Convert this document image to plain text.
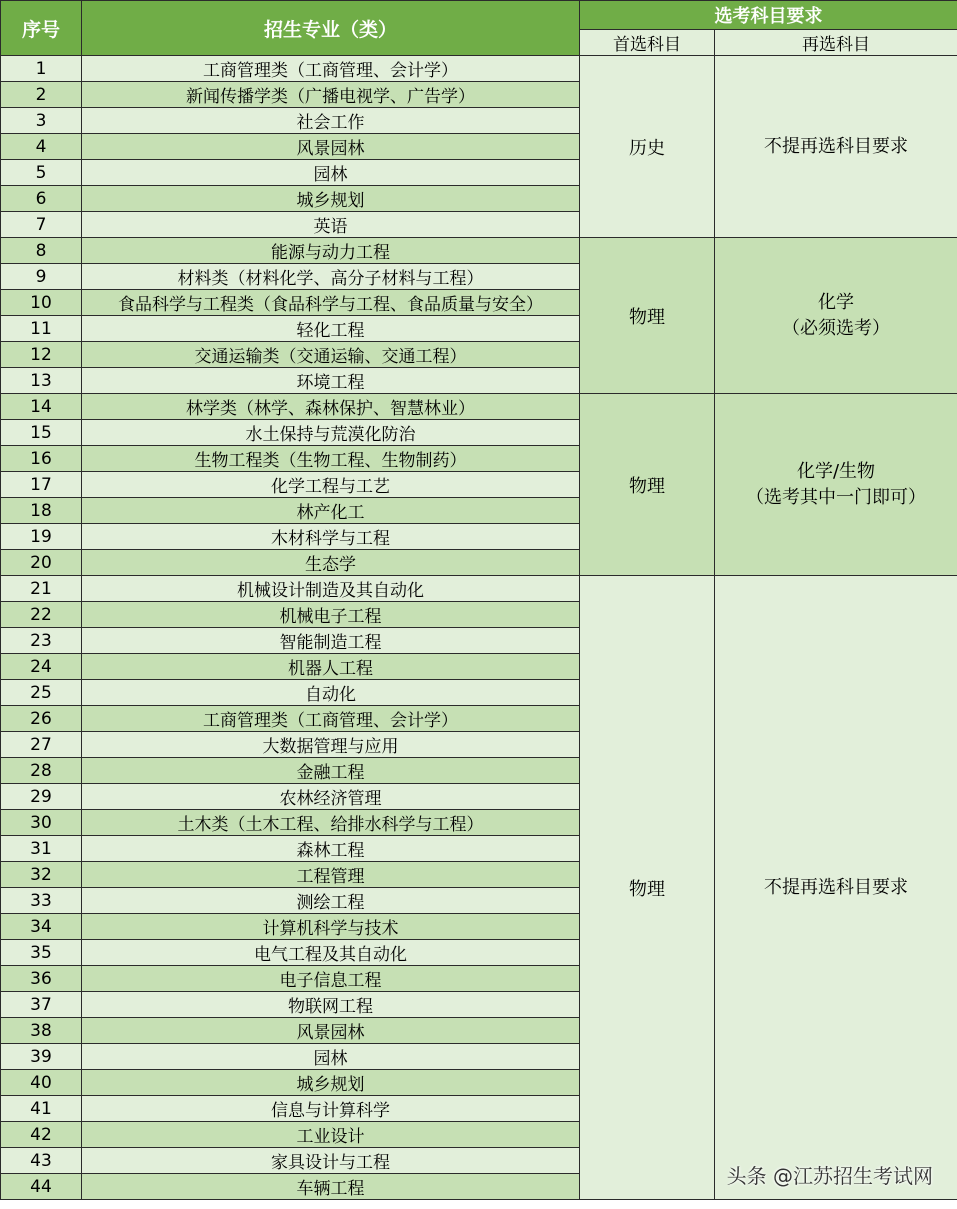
序号	招生专业（类）	选考科目要求	
		首选科目	再选科目
1	工商管理类（工商管理、会计学）	历史	不提再选科目要求

2	新闻传播学类（广播电视学、广告学）		
3	社会工作		
4	风景园林		
5	园林		
6	城乡规划		
7	英语		
8	能源与动力工程	物理	化学
（必须选考）

9	材料类（材料化学、高分子材料与工程）		
10	食品科学与工程类（食品科学与工程、食品质量与安全）		
11	轻化工程		
12	交通运输类（交通运输、交通工程）		
13	环境工程		
14	林学类（林学、森林保护、智慧林业）	物理	化学/生物
（选考其中一门即可）

15	水土保持与荒漠化防治		
16	生物工程类（生物工程、生物制药）		
17	化学工程与工艺		
18	林产化工		
19	木材科学与工程		
20	生态学		
21	机械设计制造及其自动化	物理	不提再选科目要求

22	机械电子工程		
23	智能制造工程		
24	机器人工程		
25	自动化		
26	工商管理类（工商管理、会计学）		
27	大数据管理与应用		
28	金融工程		
29	农林经济管理		
30	土木类（土木工程、给排水科学与工程）		
31	森林工程		
32	工程管理		
33	测绘工程		
34	计算机科学与技术		
35	电气工程及其自动化		
36	电子信息工程		
37	物联网工程		
38	风景园林		
39	园林		
40	城乡规划		
41	信息与计算科学		
42	工业设计		
43	家具设计与工程		
44	车辆工程		
头条 @江苏招生考试网
